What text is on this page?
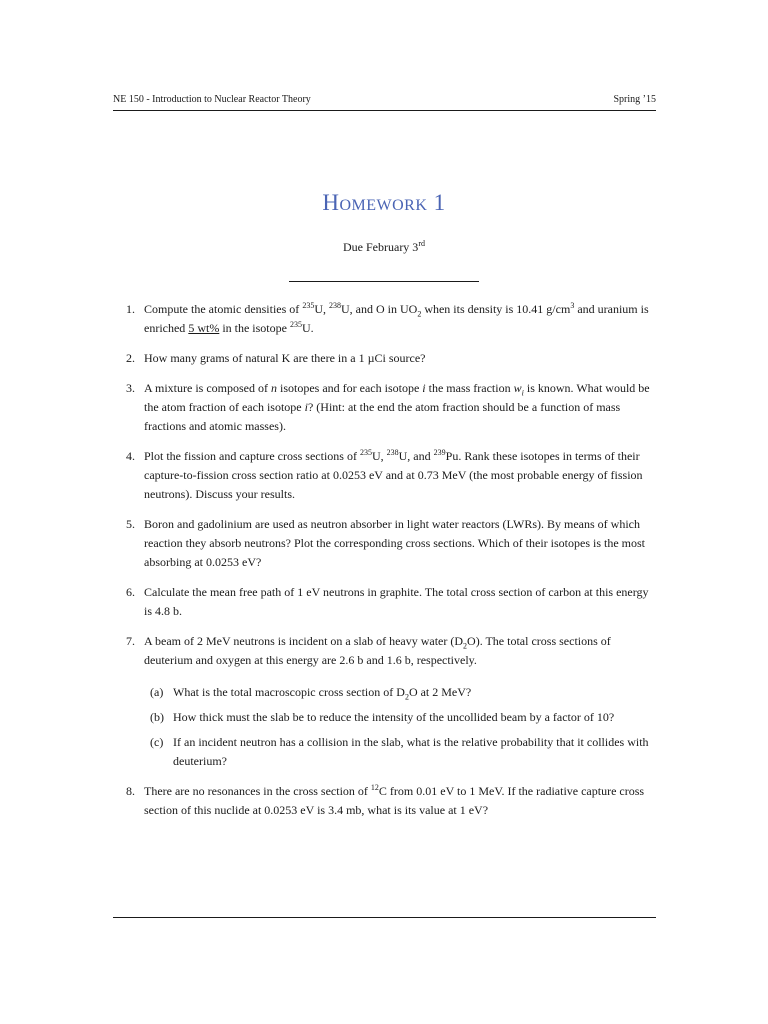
NE 150 - Introduction to Nuclear Reactor Theory	Spring ’15
Homework 1
Due February 3rd
1. Compute the atomic densities of $^{235}$U, $^{238}$U, and O in $UO_2$ when its density is 10.41 $g/cm^3$ and uranium is enriched 5 wt% in the isotope $^{235}$U.
2. How many grams of natural K are there in a 1 µCi source?
3. A mixture is composed of n isotopes and for each isotope i the mass fraction $w_i$ is known. What would be the atom fraction of each isotope i? (Hint: at the end the atom fraction should be a function of mass fractions and atomic masses).
4. Plot the fission and capture cross sections of $^{235}$U, $^{238}$U, and $^{239}$Pu. Rank these isotopes in terms of their capture-to-fission cross section ratio at 0.0253 eV and at 0.73 MeV (the most probable energy of fission neutrons). Discuss your results.
5. Boron and gadolinium are used as neutron absorber in light water reactors (LWRs). By means of which reaction they absorb neutrons? Plot the corresponding cross sections. Which of their isotopes is the most absorbing at 0.0253 eV?
6. Calculate the mean free path of 1 eV neutrons in graphite. The total cross section of carbon at this energy is 4.8 b.
7. A beam of 2 MeV neutrons is incident on a slab of heavy water $(D_2O)$. The total cross sections of deuterium and oxygen at this energy are 2.6 b and 1.6 b, respectively.
(a) What is the total macroscopic cross section of $D_2O$ at 2 MeV?
(b) How thick must the slab be to reduce the intensity of the uncollided beam by a factor of 10?
(c) If an incident neutron has a collision in the slab, what is the relative probability that it collides with deuterium?
8. There are no resonances in the cross section of $^{12}$C from 0.01 eV to 1 MeV. If the radiative capture cross section of this nuclide at 0.0253 eV is 3.4 mb, what is its value at 1 eV?
